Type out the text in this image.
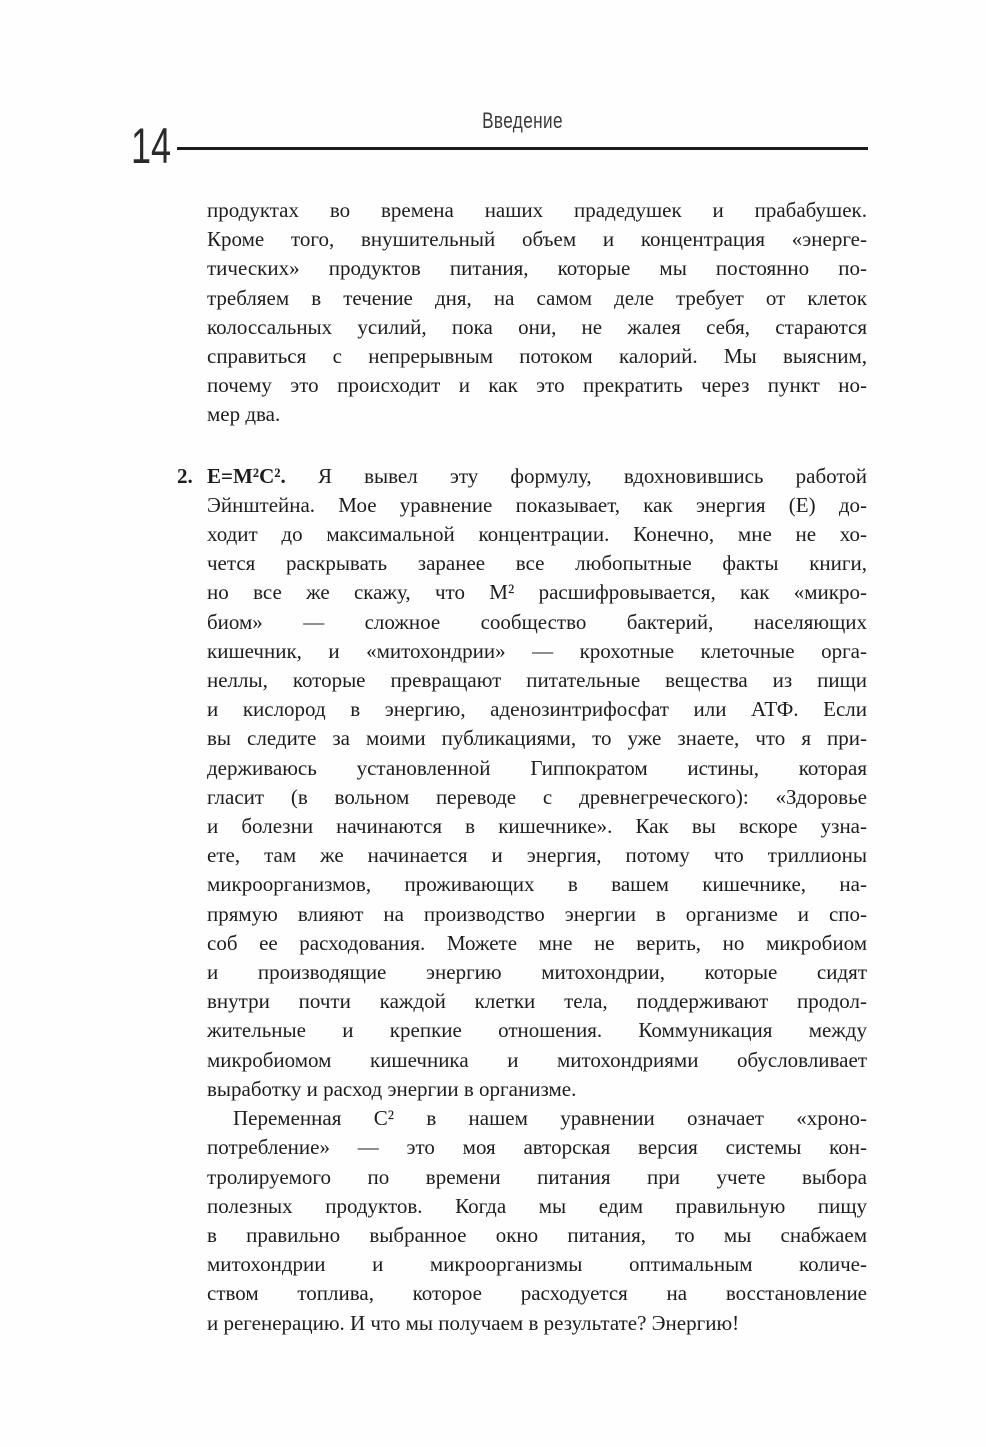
Введение
14
продуктах во времена наших прадедушек и прабабушек.
Кроме того, внушительный объем и концентрация «энерге-
тических» продуктов питания, которые мы постоянно по-
требляем в течение дня, на самом деле требует от клеток
колоссальных усилий, пока они, не жалея себя, стараются
справиться с непрерывным потоком калорий. Мы выясним,
почему это происходит и как это прекратить через пункт но-
мер два.
2. E=M²C². Я вывел эту формулу, вдохновившись работой
Эйнштейна. Мое уравнение показывает, как энергия (Е) до-
ходит до максимальной концентрации. Конечно, мне не хо-
чется раскрывать заранее все любопытные факты книги,
но все же скажу, что М² расшифровывается, как «микро-
биом» — сложное сообщество бактерий, населяющих
кишечник, и «митохондрии» — крохотные клеточные орга-
неллы, которые превращают питательные вещества из пищи
и кислород в энергию, аденозинтрифосфат или АТФ. Если
вы следите за моими публикациями, то уже знаете, что я при-
держиваюсь установленной Гиппократом истины, которая
гласит (в вольном переводе с древнегреческого): «Здоровье
и болезни начинаются в кишечнике». Как вы вскоре узна-
ете, там же начинается и энергия, потому что триллионы
микроорганизмов, проживающих в вашем кишечнике, на-
прямую влияют на производство энергии в организме и спо-
соб ее расходования. Можете мне не верить, но микробиом
и производящие энергию митохондрии, которые сидят
внутри почти каждой клетки тела, поддерживают продол-
жительные и крепкие отношения. Коммуникация между
микробиомом кишечника и митохондриями обусловливает
выработку и расход энергии в организме.
Переменная С² в нашем уравнении означает «хроно-
потребление» — это моя авторская версия системы кон-
тролируемого по времени питания при учете выбора
полезных продуктов. Когда мы едим правильную пищу
в правильно выбранное окно питания, то мы снабжаем
митохондрии и микроорганизмы оптимальным количе-
ством топлива, которое расходуется на восстановление
и регенерацию. И что мы получаем в результате? Энергию!
